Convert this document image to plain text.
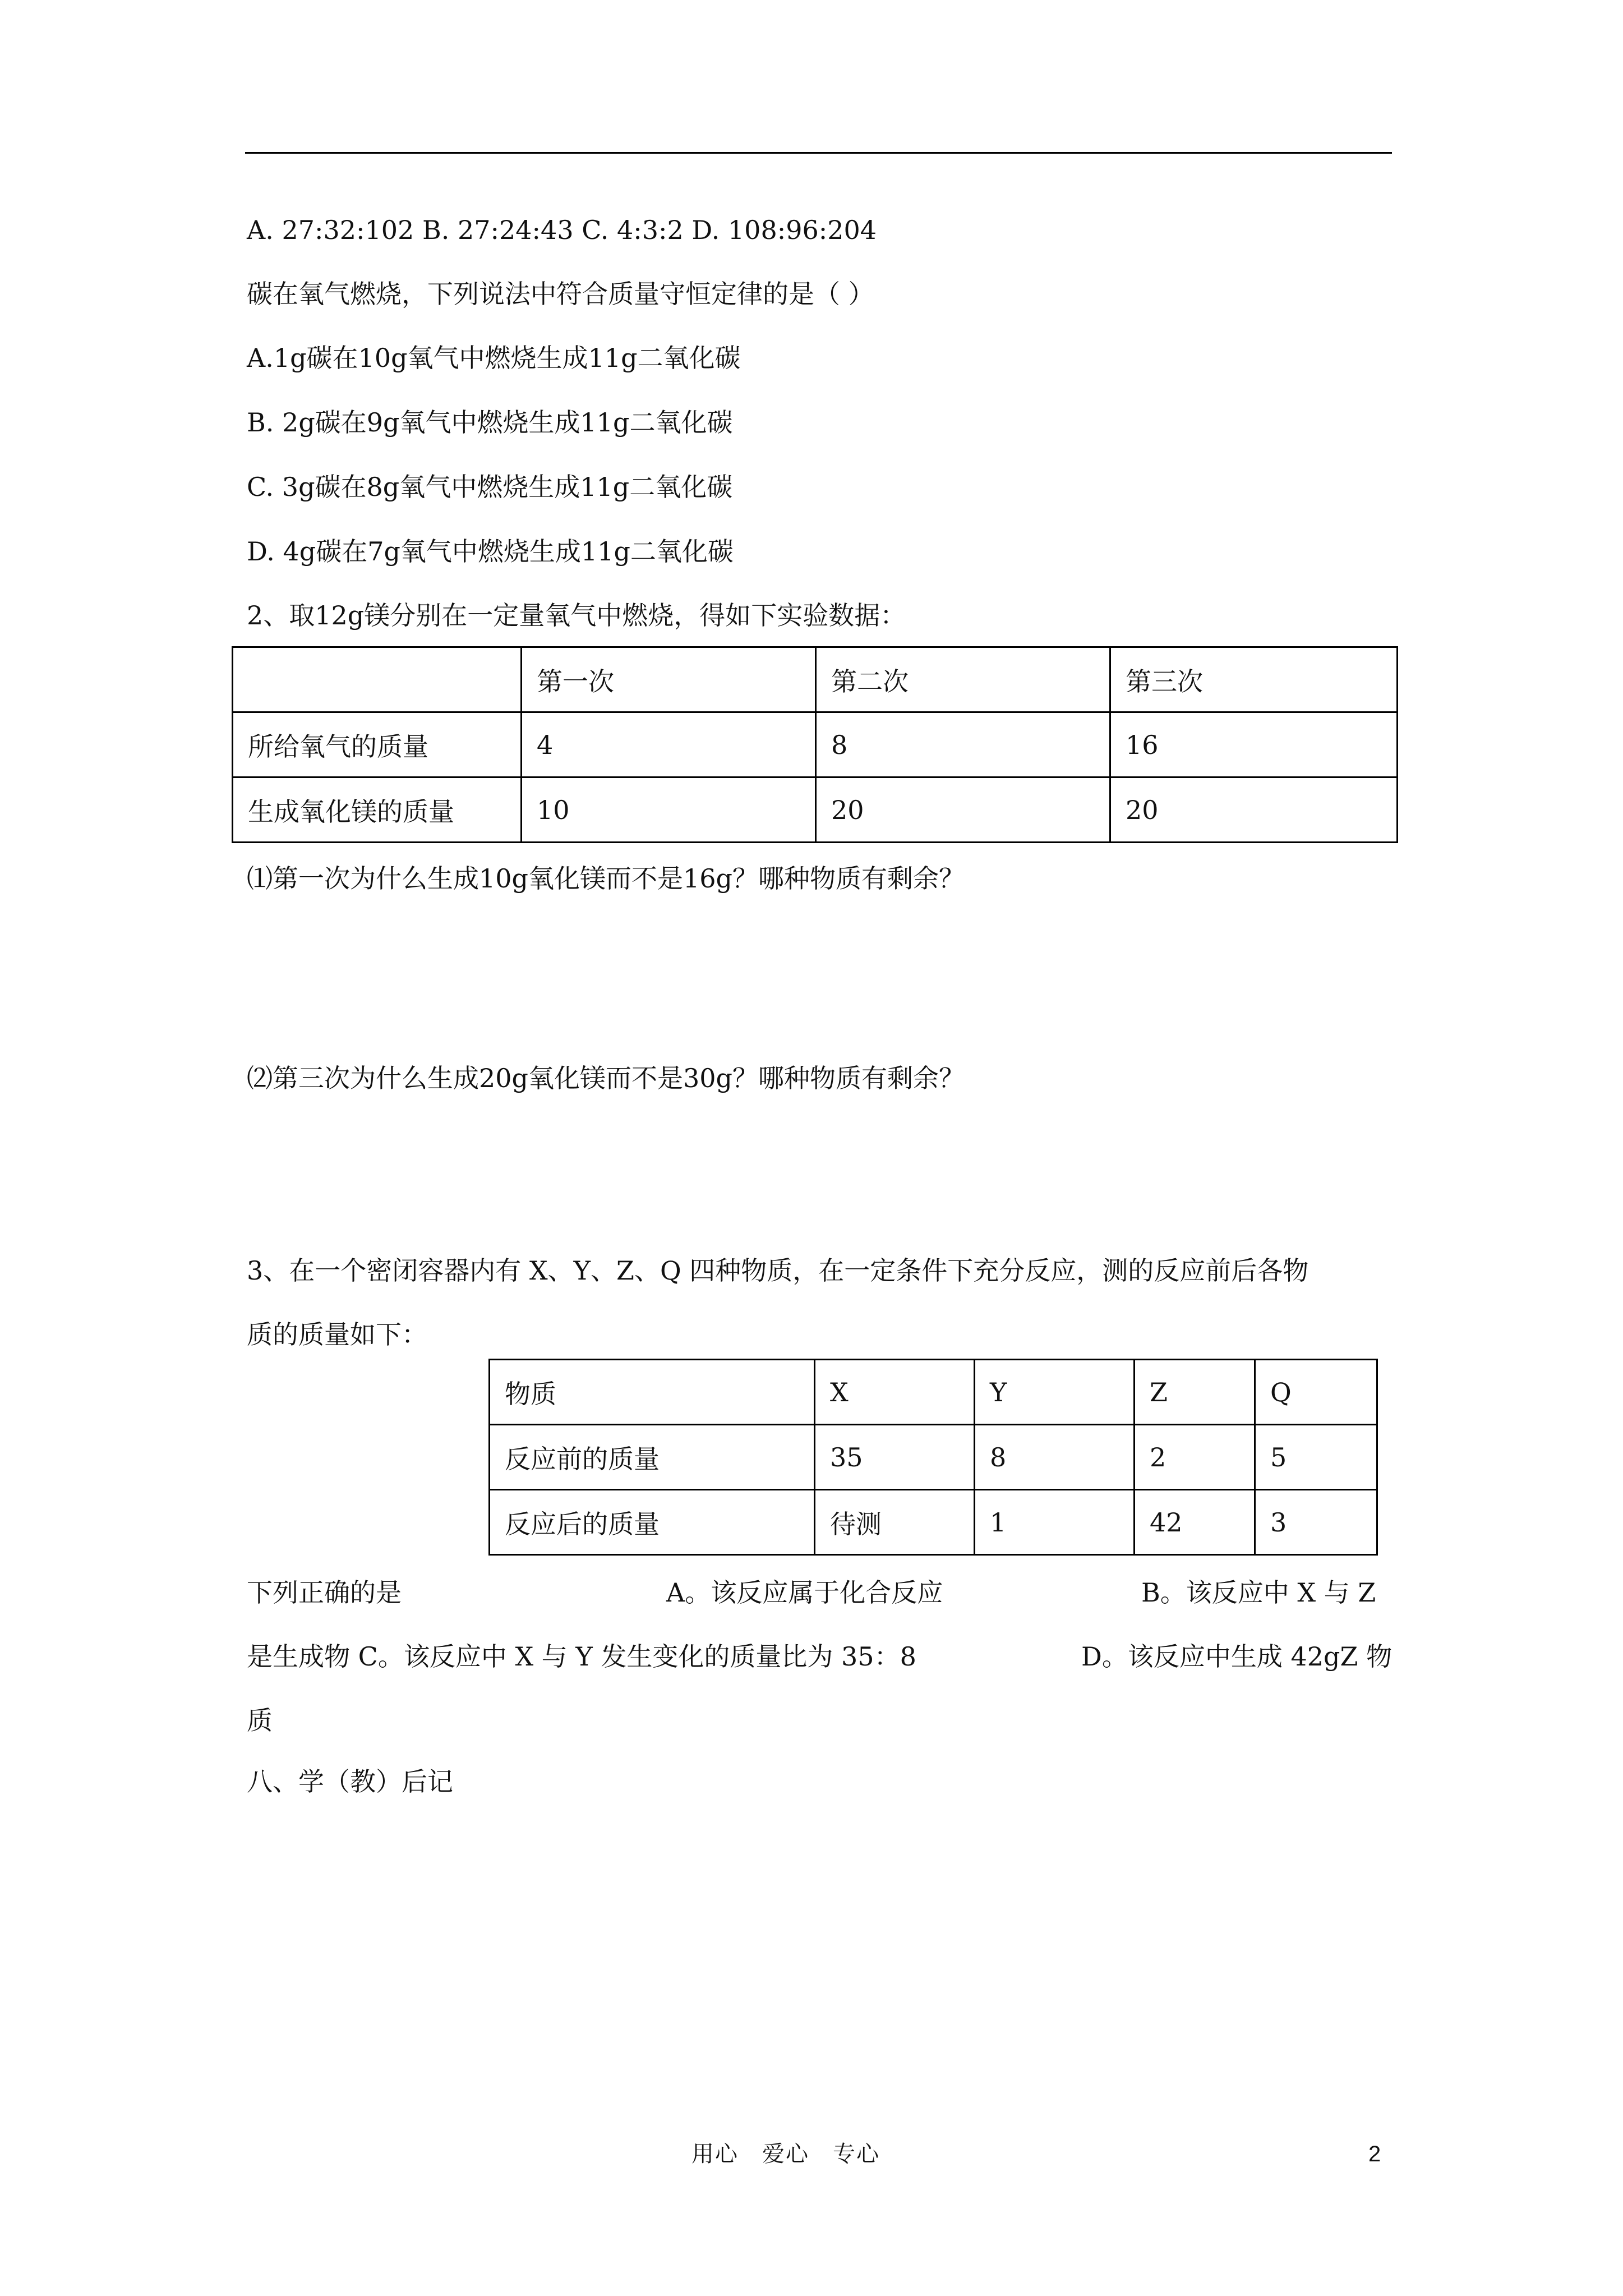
A. 27:32:102 B. 27:24:43 C. 4:3:2 D. 108:96:204
碳在氧气燃烧，下列说法中符合质量守恒定律的是（ ）
A.1g碳在10g氧气中燃烧生成11g二氧化碳
B. 2g碳在9g氧气中燃烧生成11g二氧化碳
C. 3g碳在8g氧气中燃烧生成11g二氧化碳
D. 4g碳在7g氧气中燃烧生成11g二氧化碳
2、取12g镁分别在一定量氧气中燃烧，得如下实验数据：
	第一次	第二次	第三次
所给氧气的质量	4	8	16
生成氧化镁的质量	10	20	20
⑴第一次为什么生成10g氧化镁而不是16g？哪种物质有剩余？
⑵第三次为什么生成20g氧化镁而不是30g？哪种物质有剩余？
3、在一个密闭容器内有 X、Y、Z、Q 四种物质，在一定条件下充分反应，测的反应前后各物
质的质量如下：
物质	X	Y	Z	Q
反应前的质量	35	8	2	5
反应后的质量	待测	1	42	3
下列正确的是	A。该反应属于化合反应	B。该反应中 X 与 Z
是生成物 C。该反应中 X 与 Y 发生变化的质量比为 35：8	D。该反应中生成 42gZ 物
质
八、学（教）后记
用心　爱心　专心	2
